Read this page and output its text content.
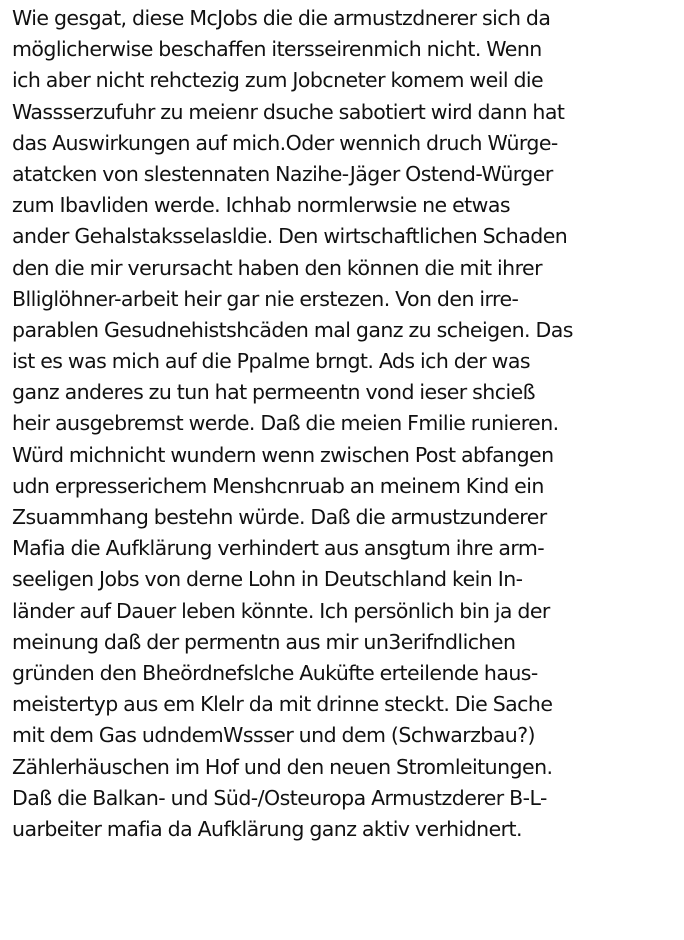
Wie gesgat, diese McJobs die die armustzdnerer sich da
möglicherwise beschaffen itersseirenmich nicht. Wenn
ich aber nicht rehctezig zum Jobcneter komem weil die
Wassserzufuhr zu meienr dsuche sabotiert wird dann hat
das Auswirkungen auf mich.Oder wennich druch Würge-
atatcken von slestennaten Nazihe-Jäger Ostend-Würger
zum Ibavliden werde. Ichhab normlerwsie ne etwas
ander Gehalstaksselasldie. Den wirtschaftlichen Schaden
den die mir verursacht haben den können die mit ihrer
Blliglöhner-arbeit heir gar nie erstezen. Von den irre-
parablen Gesudnehistshcäden mal ganz zu scheigen. Das
ist es was mich auf die Ppalme brngt. Ads ich der was
ganz anderes zu tun hat permeentn vond ieser shcieß
heir ausgebremst werde. Daß die meien Fmilie runieren.
Würd michnicht wundern wenn zwischen Post abfangen
udn erpresserichem Menshcnruab an meinem Kind ein
Zsuammhang bestehn würde. Daß die armustzunderer
Mafia die Aufklärung verhindert aus ansgtum ihre arm-
seeligen Jobs von derne Lohn in Deutschland kein In-
länder auf Dauer leben könnte. Ich persönlich bin ja der
meinung daß der permentn aus mir un3erifndlichen
gründen den Bheördnefslche Auküfte erteilende haus-
meistertyp aus em Klelr da mit drinne steckt. Die Sache
mit dem Gas udndemWssser und dem (Schwarzbau?)
Zählerhäuschen im Hof und den neuen Stromleitungen.
Daß die Balkan- und Süd-/Osteuropa Armustzderer B-L-
uarbeiter mafia da Aufklärung ganz aktiv verhidnert.
